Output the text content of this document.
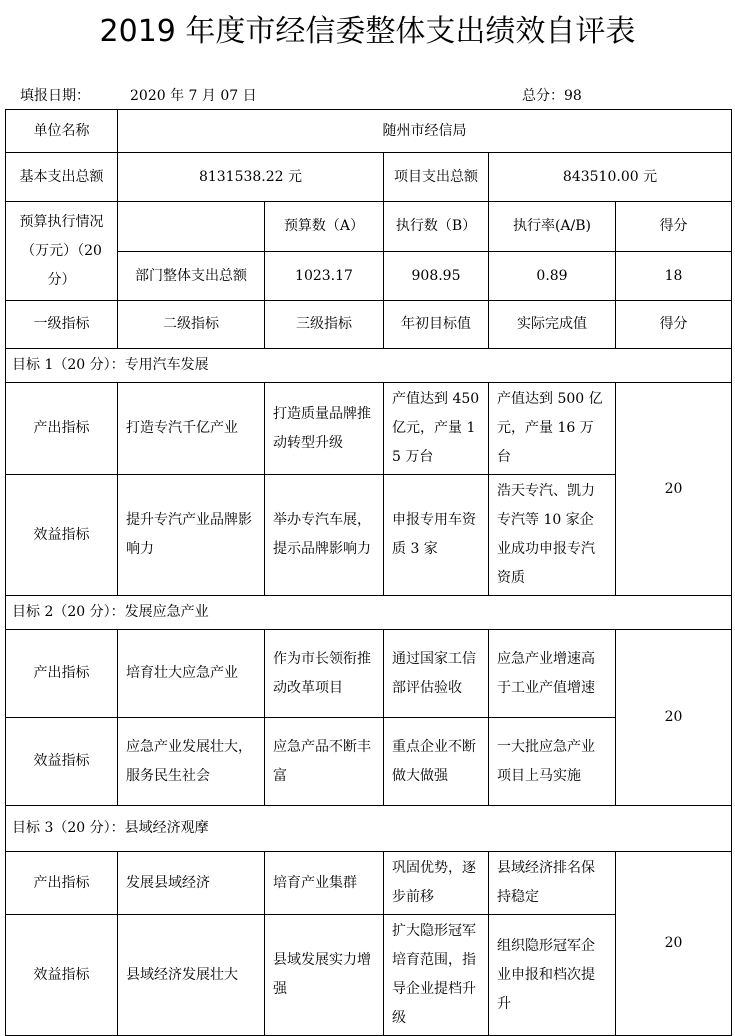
2019 年度市经信委整体支出绩效自评表
填报日期：	2020 年 7 月 07 日	总分：98
单位名称	随州市经信局				
基本支出总额	8131538.22 元		项目支出总额	843510.00 元	
预算执行情况（万元）（20 分）		预算数（A）	执行数（B）	执行率(A/B)	得分
	部门整体支出总额	1023.17	908.95	0.89	18
一级指标	二级指标	三级指标	年初目标值	实际完成值	得分
目标 1（20 分）：专用汽车发展					
产出指标	打造专汽千亿产业	打造质量品牌推动转型升级	产值达到 450 亿元，产量 15 万台	产值达到 500 亿元，产量 16 万台	20
效益指标	提升专汽产业品牌影响力	举办专汽车展，提示品牌影响力	申报专用车资质 3 家	浩天专汽、凯力专汽等 10 家企业成功申报专汽资质	
目标 2（20 分）：发展应急产业					
产出指标	培育壮大应急产业	作为市长领衔推动改革项目	通过国家工信部评估验收	应急产业增速高于工业产值增速	20
效益指标	应急产业发展壮大，服务民生社会	应急产品不断丰富	重点企业不断做大做强	一大批应急产业项目上马实施	
目标 3（20 分）：县域经济观摩					
产出指标	发展县域经济	培育产业集群	巩固优势，逐步前移	县域经济排名保持稳定	20
效益指标	县域经济发展壮大	县域发展实力增强	扩大隐形冠军培育范围，指导企业提档升级	组织隐形冠军企业申报和档次提升	
